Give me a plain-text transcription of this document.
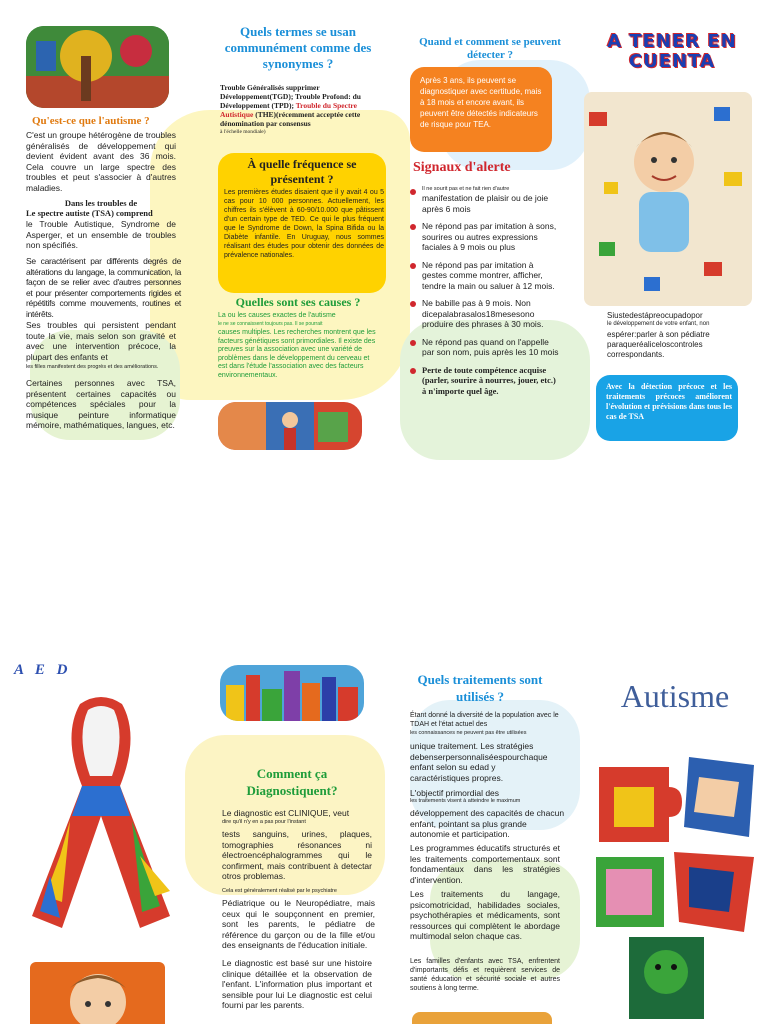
Qu'est-ce que l'autisme ?
C'est un groupe hétérogène de troubles généralisés de développement qui devient évident avant des 36 mois. Cela couvre un large spectre des troubles et peut s'associer à d'autres maladies.
Dans les troubles de
Le spectre autiste (TSA) comprend
le Trouble Autistique, Syndrome de Asperger, et un ensemble de troubles non spécifiés.
Se caractérisent par différents degrés de altérations du langage, la communication, la façon de se relier avec d'autres personnes et pour présenter comportements rigides et répétitifs comme mouvements, routines et intérêts.
Ses troubles qui persistent pendant toute la vie, mais selon son gravité et avec une intervention précoce, la plupart des enfants et
les filles manifestent des progrès et des améliorations.
Certaines personnes avec TSA, présentent certaines capacités ou compétences spéciales pour la musique peinture informatique mémoire, mathématiques, langues, etc.
Quels termes se usan communément comme des synonymes ?
Trouble Généralisés supprimer Développement(TGD); Trouble Profond: du Développement (TPD); Trouble du Spectre Autistique (THE)(récemment acceptée cette dénomination par consensus
à l'échelle mondiale)
À quelle fréquence se présentent ?
Les premières études disaient que il y avait 4 ou 5 cas pour 10 000 personnes. Actuellement, les chiffres ils s'élèvent à 60-90/10.000 que pâtissent d'un certain type de TED. Ce qui le plus fréquent que le Syndrome de Down, la Spina Bifida ou la Diabète infantile. En Uruguay, nous sommes réalisant des études pour obtenir des données de prévalence nationales.
Quelles sont ses causes ?
La ou les causes exactes de l'autisme
le ne se connaissent toujours pas. Il se pourrait
causes multiples. Les recherches montrent que les facteurs génétiques sont primordiales. Il existe des preuves sur la association avec une variété de problèmes dans le développement du cerveau et est dans l'étude l'association avec des facteurs environnementaux.
Quand et comment se peuvent détecter ?
Après 3 ans, ils peuvent se diagnostiquer avec certitude, mais à 18 mois et encore avant, ils peuvent être détectés indicateurs de risque pour TEA.
Signaux d'alerte
Il ne sourit pas et ne fait rien d'autre
manifestation de plaisir ou de joie après 6 mois
Ne répond pas par imitation à sons, sourires ou autres expressions faciales à 9 mois ou plus
Ne répond pas par imitation à gestes comme montrer, afficher, tendre la main ou saluer à 12 mois.
Ne babille pas à 9 mois. Non dicepalabrasalos18mesesono produire des phrases à 30 mois.
Ne répond pas quand on l'appelle par son nom, puis après les 10 mois
Perte de toute compétence acquise (parler, sourire à nourres, jouer, etc.) à n'importe quel âge.
A TENER EN CUENTA
Siustedestápreocupadopor
le développement de votre enfant, non
espérer:parler à son pédiatre paraqueréalicelоscontroles correspondants.
Avec la détection précoce et les traitements précoces améliorent l'évolution et prévisions dans tous les cas de TSA
A E D
Comment ça Diagnostiquent?
Le diagnostic est CLINIQUE, veut
dire qu'il n'y en a pas pour l'instant
tests sanguins, urines, plaques, tomographies résonances ni électroencéphalogrammes qui le confirment, mais contribuent à detectar otros problemas.
Cela est généralement réalisé par le psychiatre
Pédiatrique ou le Neuropédiatre, mais ceux qui le soupçonnent en premier, sont les parents, le pédiatre de référence du garçon ou de la fille et/ou des enseignants de l'éducation initiale.
Le diagnostic est basé sur une histoire clinique détaillée et la observation de l'enfant. L'information plus important et sensible pour lui Le diagnostic est celui fourni par les parents.
Quels traitements sont utilisés ?
Étant donné la diversité de la population avec le TDAH et l'état actuel des
les connaissances ne peuvent pas être utilisées
unique traitement. Les stratégies debenserpersonnaliséespourchaque enfant selon su edad y caractéristiques propres.
L'objectif primordial des
les traitements visent à atteindre le maximum
développement des capacités de chacun enfant, pointant sa plus grande autonomie et participation.
Les programmes éducatifs structurés et les traitements comportementaux sont fondamentaux dans les stratégies d'intervention.
Les traitements du langage, psicomotricidad, habilidades sociales, psychothérapies et médicaments, sont ressources qui complètent le abordage multimodal selon chaque cas.
Les familles d'enfants avec TSA, enfrentent d'importants défis et requièrent services de santé éducation et sécurité sociale et autres soutiens à long terme.
Autisme
